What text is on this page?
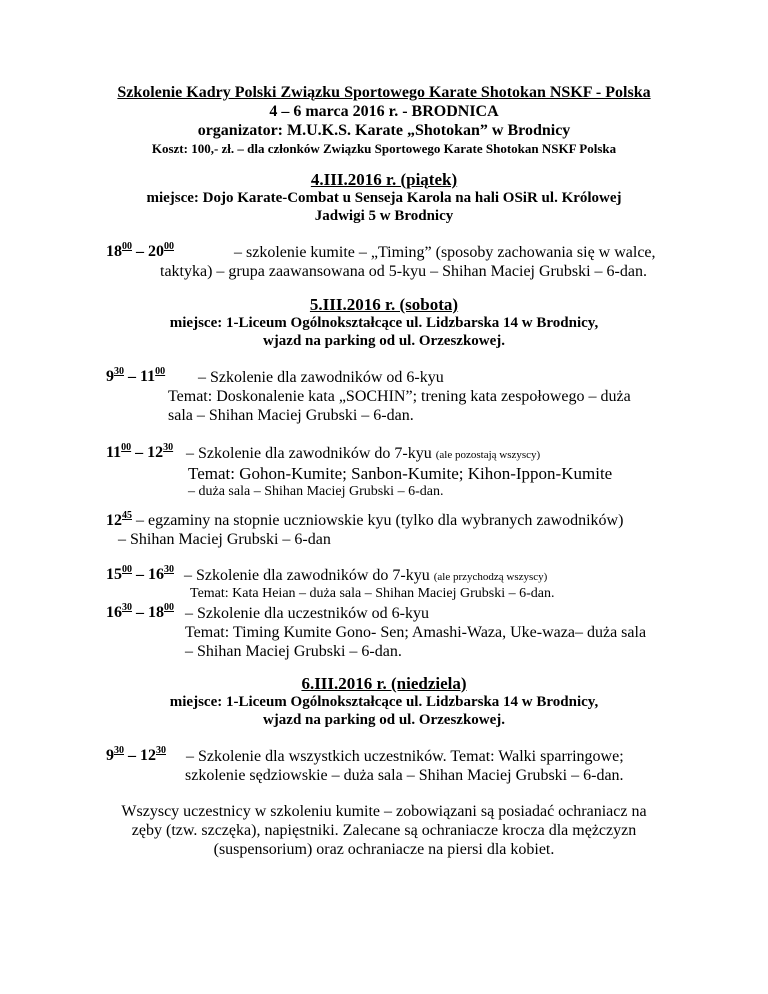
Szkolenie Kadry Polski Związku Sportowego Karate Shotokan NSKF - Polska
4 – 6 marca 2016 r. - BRODNICA
organizator: M.U.K.S. Karate „Shotokan” w Brodnicy
Koszt: 100,- zł. – dla członków Związku Sportowego Karate Shotokan NSKF Polska
4.III.2016 r. (piątek)
miejsce: Dojo Karate-Combat u Senseja Karola na hali OSiR ul. Królowej
Jadwigi 5 w Brodnicy
$18^{00} - 20^{00}$	– szkolenie kumite – „Timing” (sposoby zachowania się w walce,
taktyka) – grupa zaawansowana od 5-kyu – Shihan Maciej Grubski – 6-dan.
5.III.2016 r. (sobota)
miejsce: 1-Liceum Ogólnokształcące ul. Lidzbarska 14 w Brodnicy,
wjazd na parking od ul. Orzeszkowej.
$9^{30} - 11^{00}$ – Szkolenie dla zawodników od 6-kyu
Temat: Doskonalenie kata „SOCHIN”; trening kata zespołowego – duża
sala – Shihan Maciej Grubski – 6-dan.
$11^{00} - 12^{30}$ – Szkolenie dla zawodników do 7-kyu (ale pozostają wszyscy)
Temat: Gohon-Kumite; Sanbon-Kumite; Kihon-Ippon-Kumite
– duża sala – Shihan Maciej Grubski – 6-dan.
$12^{45}$ – egzaminy na stopnie uczniowskie kyu (tylko dla wybranych zawodników)
– Shihan Maciej Grubski – 6-dan
$15^{00} - 16^{30}$ – Szkolenie dla zawodników do 7-kyu (ale przychodzą wszyscy)
Temat: Kata Heian – duża sala – Shihan Maciej Grubski – 6-dan.
$16^{30} - 18^{00}$ – Szkolenie dla uczestników od 6-kyu
Temat: Timing Kumite Gono- Sen; Amashi-Waza, Uke-waza– duża sala
– Shihan Maciej Grubski – 6-dan.
6.III.2016 r. (niedziela)
miejsce: 1-Liceum Ogólnokształcące ul. Lidzbarska 14 w Brodnicy,
wjazd na parking od ul. Orzeszkowej.
$9^{30} - 12^{30}$ – Szkolenie dla wszystkich uczestników. Temat: Walki sparringowe;
szkolenie sędziowskie – duża sala – Shihan Maciej Grubski – 6-dan.
Wszyscy uczestnicy w szkoleniu kumite – zobowiązani są posiadać ochraniacz na
zęby (tzw. szczęka), napięstniki. Zalecane są ochraniacze krocza dla mężczyzn
(suspensorium) oraz ochraniacze na piersi dla kobiet.
